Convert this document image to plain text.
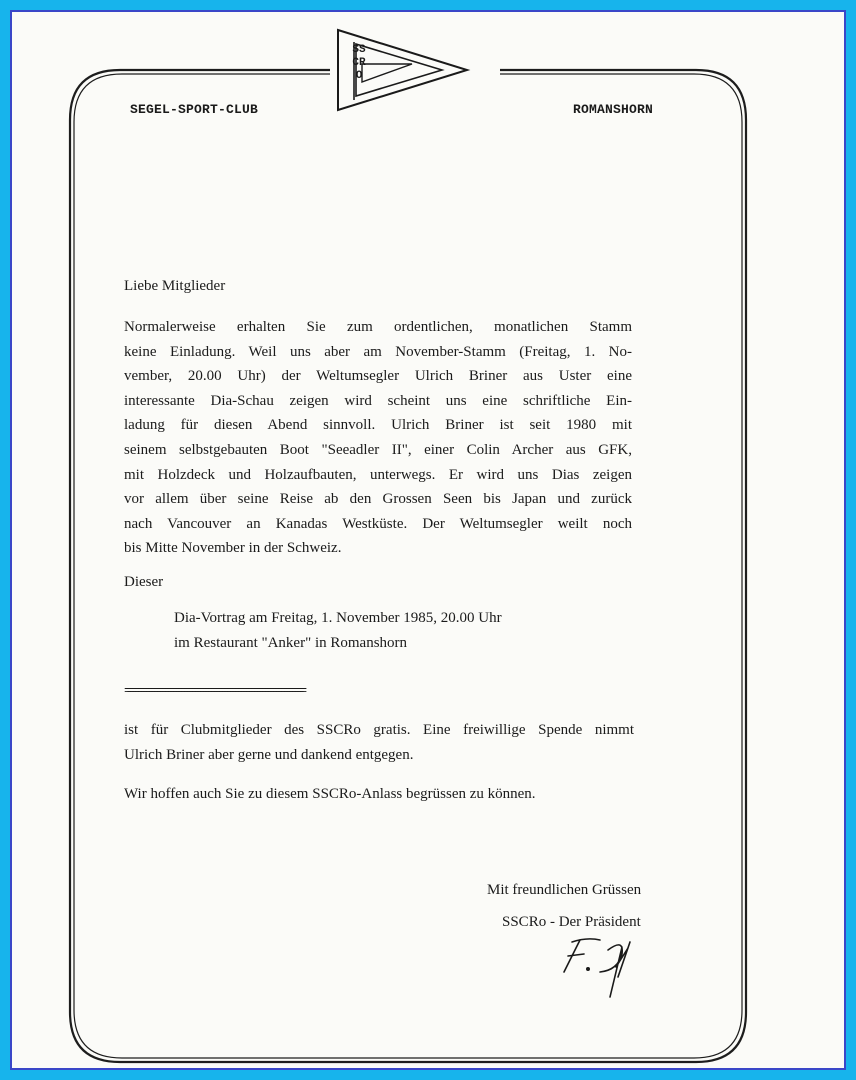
SSCRO
SEGEL-SPORT-CLUB	ROMANSHORN
Liebe Mitglieder
Normalerweise erhalten Sie zum ordentlichen, monatlichen Stamm
keine Einladung. Weil uns aber am November-Stamm (Freitag, 1. No-
vember, 20.00 Uhr) der Weltumsegler Ulrich Briner aus Uster eine
interessante Dia-Schau zeigen wird scheint uns eine schriftliche Ein-
ladung für diesen Abend sinnvoll. Ulrich Briner ist seit 1980 mit
seinem selbstgebauten Boot "Seeadler II", einer Colin Archer aus GFK,
mit Holzdeck und Holzaufbauten, unterwegs. Er wird uns Dias zeigen
vor allem über seine Reise ab den Grossen Seen bis Japan und zurück
nach Vancouver an Kanadas Westküste. Der Weltumsegler weilt noch
bis Mitte November in der Schweiz.
Dieser
Dia-Vortrag am Freitag, 1. November 1985, 20.00 Uhr
im Restaurant "Anker" in Romanshorn
==================================================================
ist für Clubmitglieder des SSCRo gratis. Eine freiwillige Spende nimmt
Ulrich Briner aber gerne und dankend entgegen.
Wir hoffen auch Sie zu diesem SSCRo-Anlass begrüssen zu können.
Mit freundlichen Grüssen
SSCRo - Der Präsident
